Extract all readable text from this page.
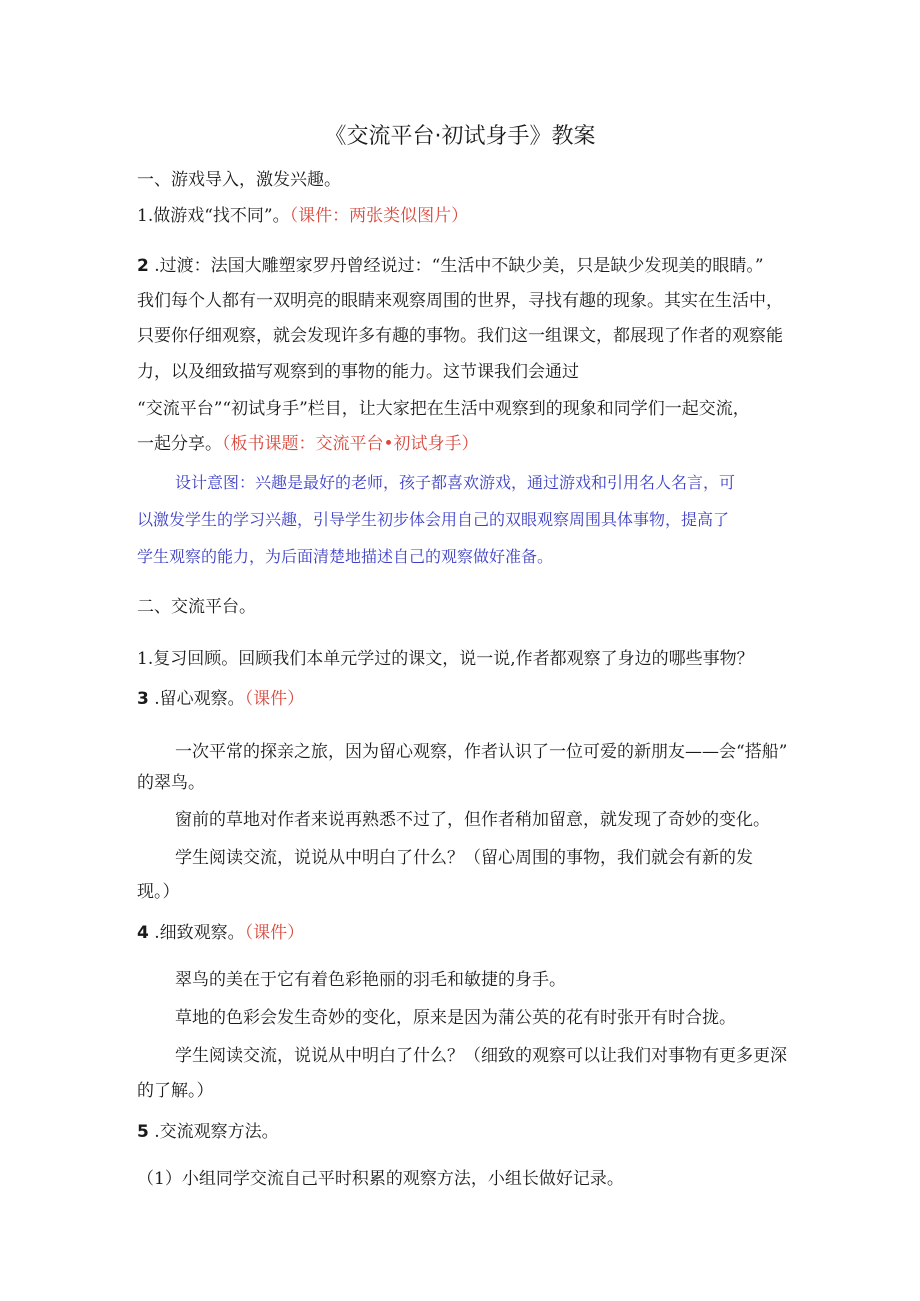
《交流平台·初试身手》教案
一、游戏导入，激发兴趣。
1.做游戏“找不同”。（课件：两张类似图片）
2 .过渡：法国大雕塑家罗丹曾经说过：“生活中不缺少美，只是缺少发现美的眼睛。”
我们每个人都有一双明亮的眼睛来观察周围的世界，寻找有趣的现象。其实在生活中，
只要你仔细观察，就会发现许多有趣的事物。我们这一组课文，都展现了作者的观察能
力，以及细致描写观察到的事物的能力。这节课我们会通过
“交流平台”“初试身手”栏目，让大家把在生活中观察到的现象和同学们一起交流，
一起分享。（板书课题：交流平台•初试身手）
设计意图：兴趣是最好的老师，孩子都喜欢游戏，通过游戏和引用名人名言，可
以激发学生的学习兴趣，引导学生初步体会用自己的双眼观察周围具体事物，提高了
学生观察的能力，为后面清楚地描述自己的观察做好准备。
二、交流平台。
1.复习回顾。回顾我们本单元学过的课文，说一说,作者都观察了身边的哪些事物？
3 .留心观察。（课件）
一次平常的探亲之旅，因为留心观察，作者认识了一位可爱的新朋友——会“搭船”
的翠鸟。
窗前的草地对作者来说再熟悉不过了，但作者稍加留意，就发现了奇妙的变化。
学生阅读交流，说说从中明白了什么？（留心周围的事物，我们就会有新的发
现。）
4 .细致观察。（课件）
翠鸟的美在于它有着色彩艳丽的羽毛和敏捷的身手。
草地的色彩会发生奇妙的变化，原来是因为蒲公英的花有时张开有时合拢。
学生阅读交流，说说从中明白了什么？（细致的观察可以让我们对事物有更多更深
的了解。）
5 .交流观察方法。
（1）小组同学交流自己平时积累的观察方法，小组长做好记录。
